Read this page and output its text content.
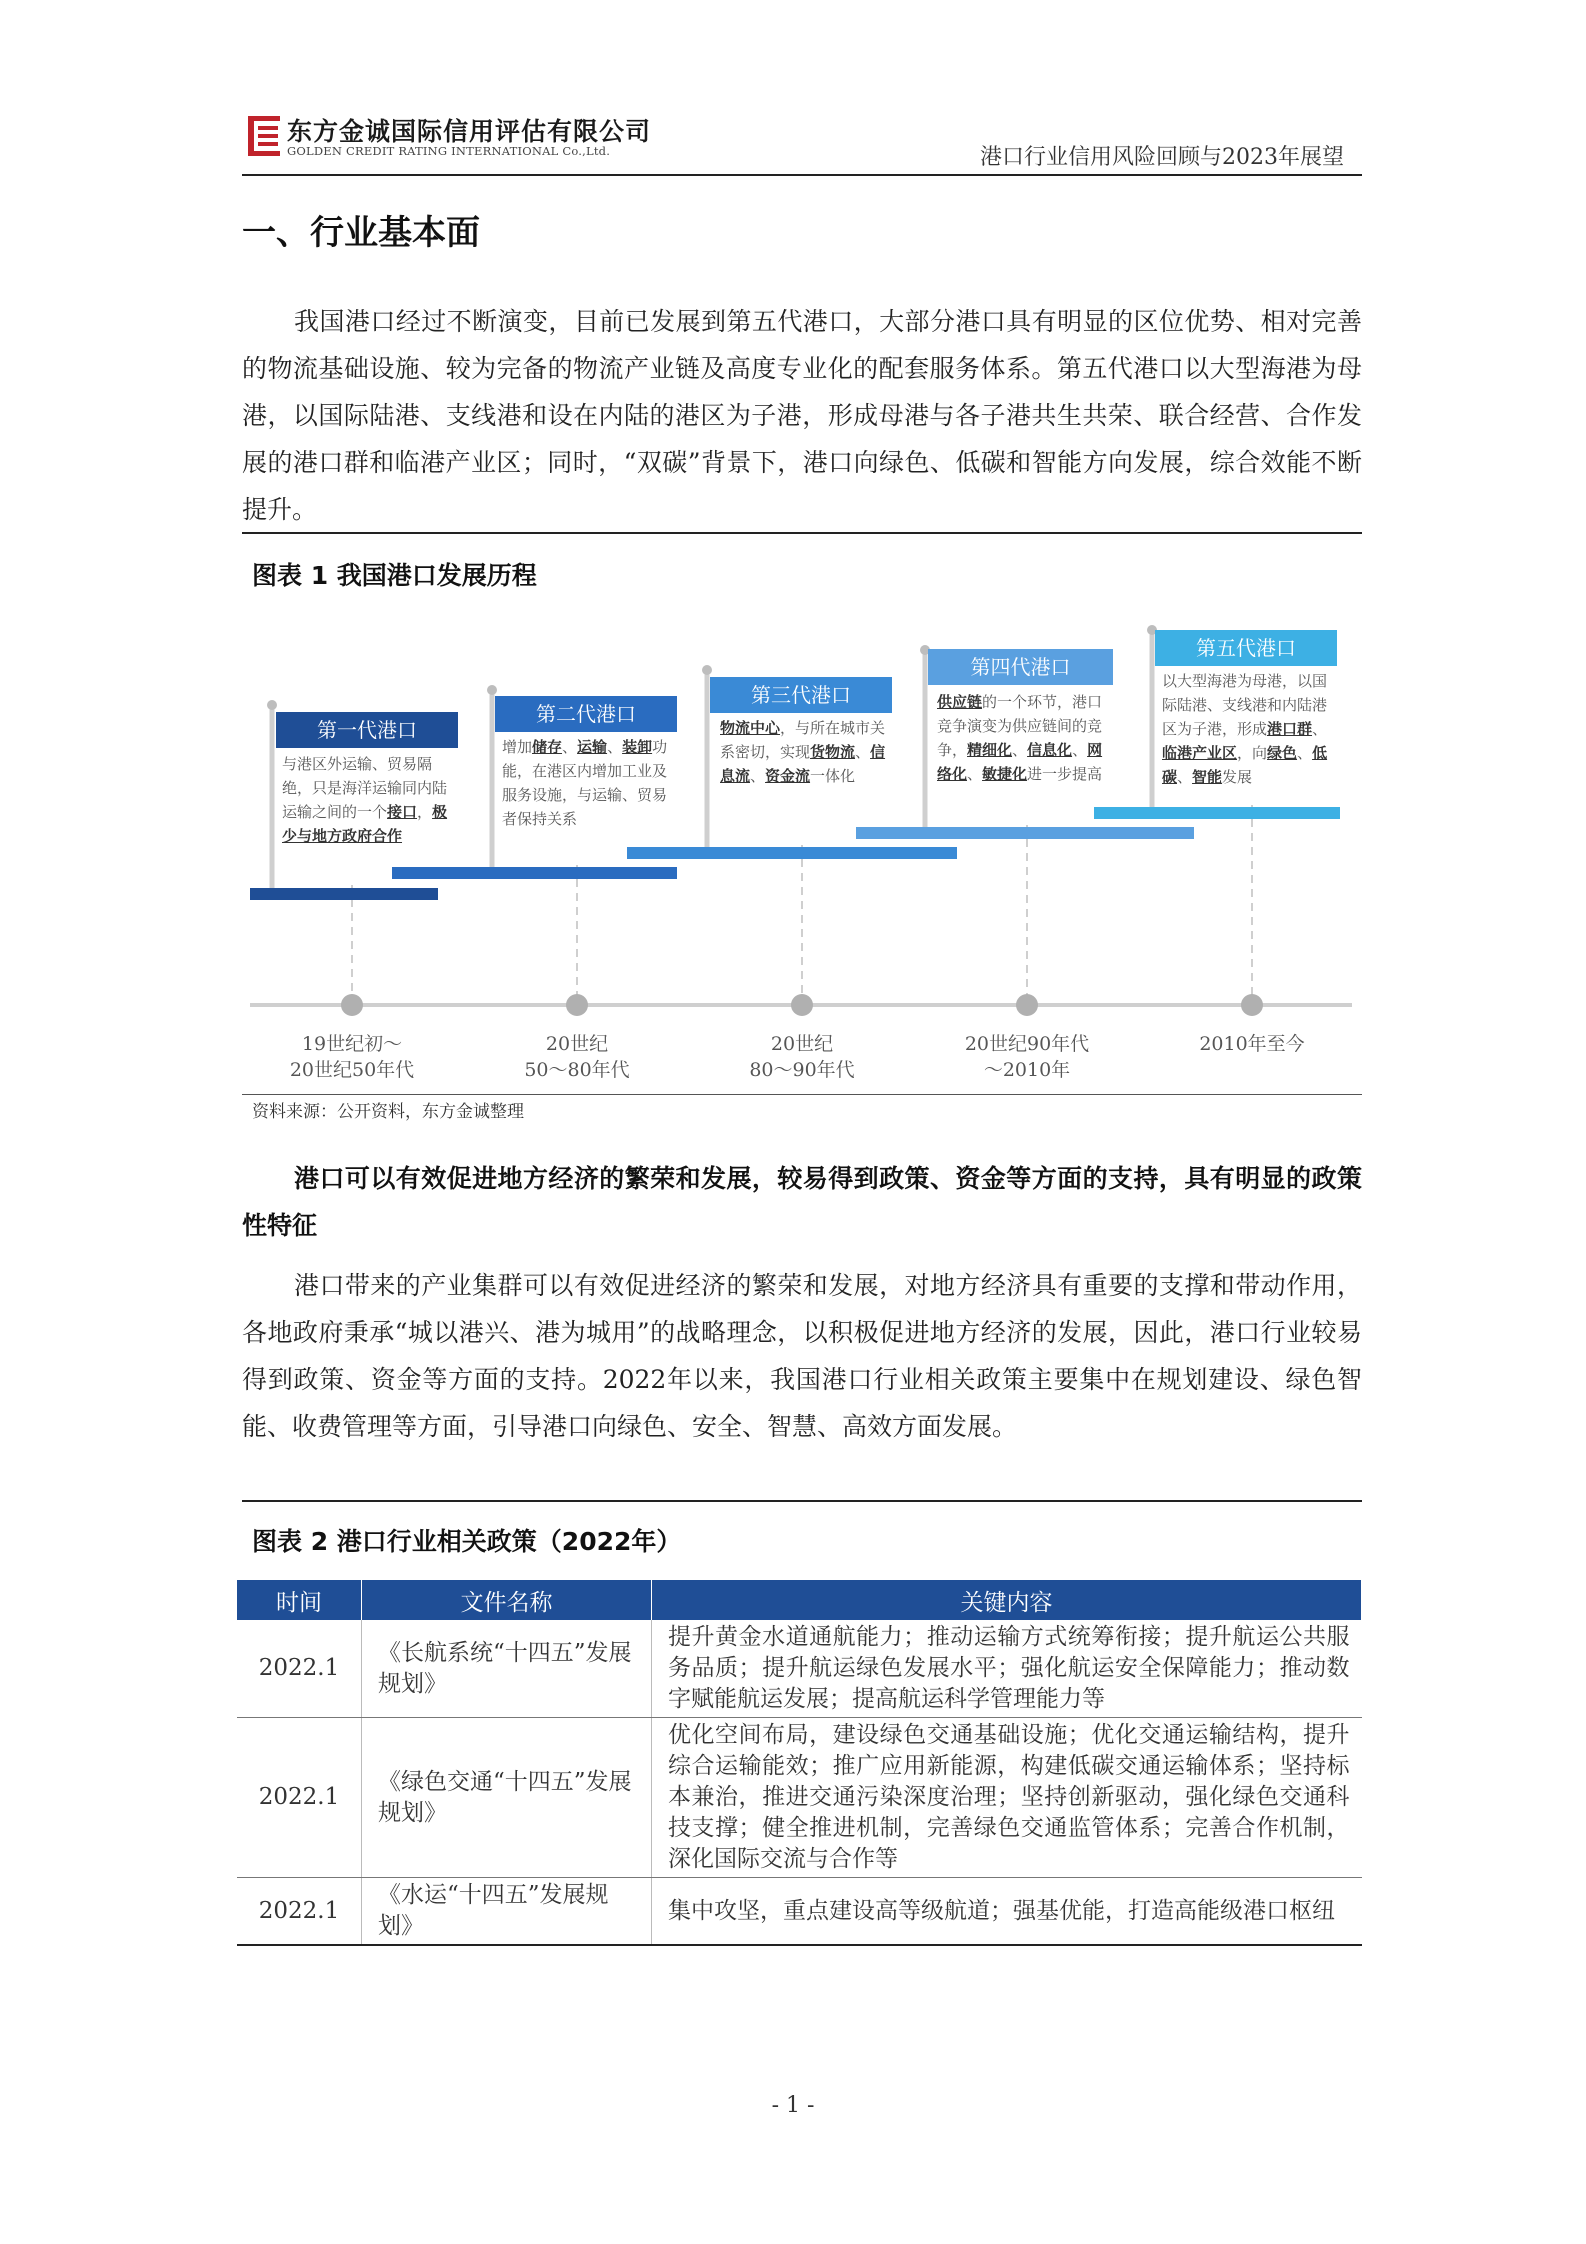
东方金诚国际信用评估有限公司
GOLDEN CREDIT RATING INTERNATIONAL Co.,Ltd.	港口行业信用风险回顾与2023年展望
一、行业基本面

我国港口经过不断演变，目前已发展到第五代港口，大部分港口具有明显的区位优势、相对完善的物流基础设施、较为完备的物流产业链及高度专业化的配套服务体系。第五代港口以大型海港为母港，以国际陆港、支线港和设在内陆的港区为子港，形成母港与各子港共生共荣、联合经营、合作发展的港口群和临港产业区；同时，“双碳”背景下，港口向绿色、低碳和智能方向发展，综合效能不断提升。

图表 1 我国港口发展历程
第一代港口
第二代港口
第三代港口
第四代港口
第五代港口
与港区外运输、贸易隔绝，只是海洋运输同内陆运输之间的一个接口，极少与地方政府合作
增加储存、运输、装卸功能，在港区内增加工业及服务设施，与运输、贸易者保持关系
物流中心，与所在城市关系密切，实现货物流、信息流、资金流一体化
供应链的一个环节，港口竞争演变为供应链间的竞争，精细化、信息化、网络化、敏捷化进一步提高
以大型海港为母港，以国际陆港、支线港和内陆港区为子港，形成港口群、临港产业区，向绿色、低碳、智能发展
19世纪初～
20世纪50年代
20世纪
50～80年代
20世纪
80～90年代
20世纪90年代
～2010年
2010年至今
资料来源：公开资料，东方金诚整理

港口可以有效促进地方经济的繁荣和发展，较易得到政策、资金等方面的支持，具有明显的政策性特征

港口带来的产业集群可以有效促进经济的繁荣和发展，对地方经济具有重要的支撑和带动作用，各地政府秉承“城以港兴、港为城用”的战略理念，以积极促进地方经济的发展，因此，港口行业较易得到政策、资金等方面的支持。2022年以来，我国港口行业相关政策主要集中在规划建设、绿色智能、收费管理等方面，引导港口向绿色、安全、智慧、高效方面发展。

图表 2 港口行业相关政策（2022年）
时间	文件名称	关键内容
2022.1	《长航系统“十四五”发展规划》	提升黄金水道通航能力；推动运输方式统筹衔接；提升航运公共服务品质；提升航运绿色发展水平；强化航运安全保障能力；推动数字赋能航运发展；提高航运科学管理能力等
2022.1	《绿色交通“十四五”发展规划》	优化空间布局，建设绿色交通基础设施；优化交通运输结构，提升综合运输能效；推广应用新能源，构建低碳交通运输体系；坚持标本兼治，推进交通污染深度治理；坚持创新驱动，强化绿色交通科技支撑；健全推进机制，完善绿色交通监管体系；完善合作机制，深化国际交流与合作等
2022.1	《水运“十四五”发展规划》	集中攻坚，重点建设高等级航道；强基优能，打造高能级港口枢纽
- 1 -
